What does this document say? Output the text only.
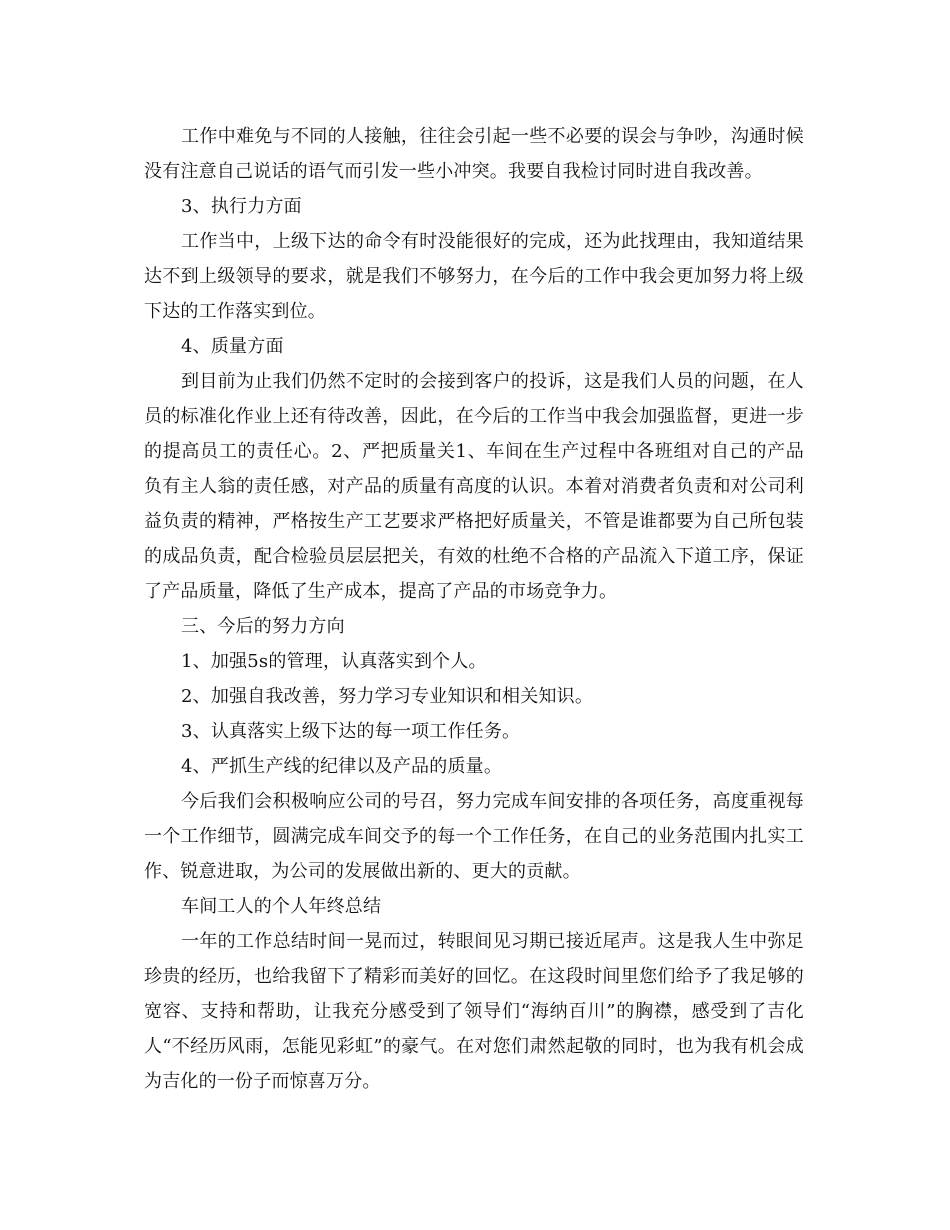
工作中难免与不同的人接触，往往会引起一些不必要的误会与争吵，沟通时候没有注意自己说话的语气而引发一些小冲突。我要自我检讨同时进自我改善。

3、执行力方面

工作当中，上级下达的命令有时没能很好的完成，还为此找理由，我知道结果达不到上级领导的要求，就是我们不够努力，在今后的工作中我会更加努力将上级下达的工作落实到位。

4、质量方面

到目前为止我们仍然不定时的会接到客户的投诉，这是我们人员的问题，在人员的标准化作业上还有待改善，因此，在今后的工作当中我会加强监督，更进一步的提高员工的责任心。2、严把质量关1、车间在生产过程中各班组对自己的产品负有主人翁的责任感，对产品的质量有高度的认识。本着对消费者负责和对公司利益负责的精神，严格按生产工艺要求严格把好质量关，不管是谁都要为自己所包装的成品负责，配合检验员层层把关，有效的杜绝不合格的产品流入下道工序，保证了产品质量，降低了生产成本，提高了产品的市场竞争力。

三、今后的努力方向

1、加强5s的管理，认真落实到个人。

2、加强自我改善，努力学习专业知识和相关知识。

3、认真落实上级下达的每一项工作任务。

4、严抓生产线的纪律以及产品的质量。

今后我们会积极响应公司的号召，努力完成车间安排的各项任务，高度重视每一个工作细节，圆满完成车间交予的每一个工作任务，在自己的业务范围内扎实工作、锐意进取，为公司的发展做出新的、更大的贡献。

车间工人的个人年终总结

一年的工作总结时间一晃而过，转眼间见习期已接近尾声。这是我人生中弥足珍贵的经历，也给我留下了精彩而美好的回忆。在这段时间里您们给予了我足够的宽容、支持和帮助，让我充分感受到了领导们“海纳百川”的胸襟，感受到了吉化人“不经历风雨，怎能见彩虹”的豪气。在对您们肃然起敬的同时，也为我有机会成为吉化的一份子而惊喜万分。
